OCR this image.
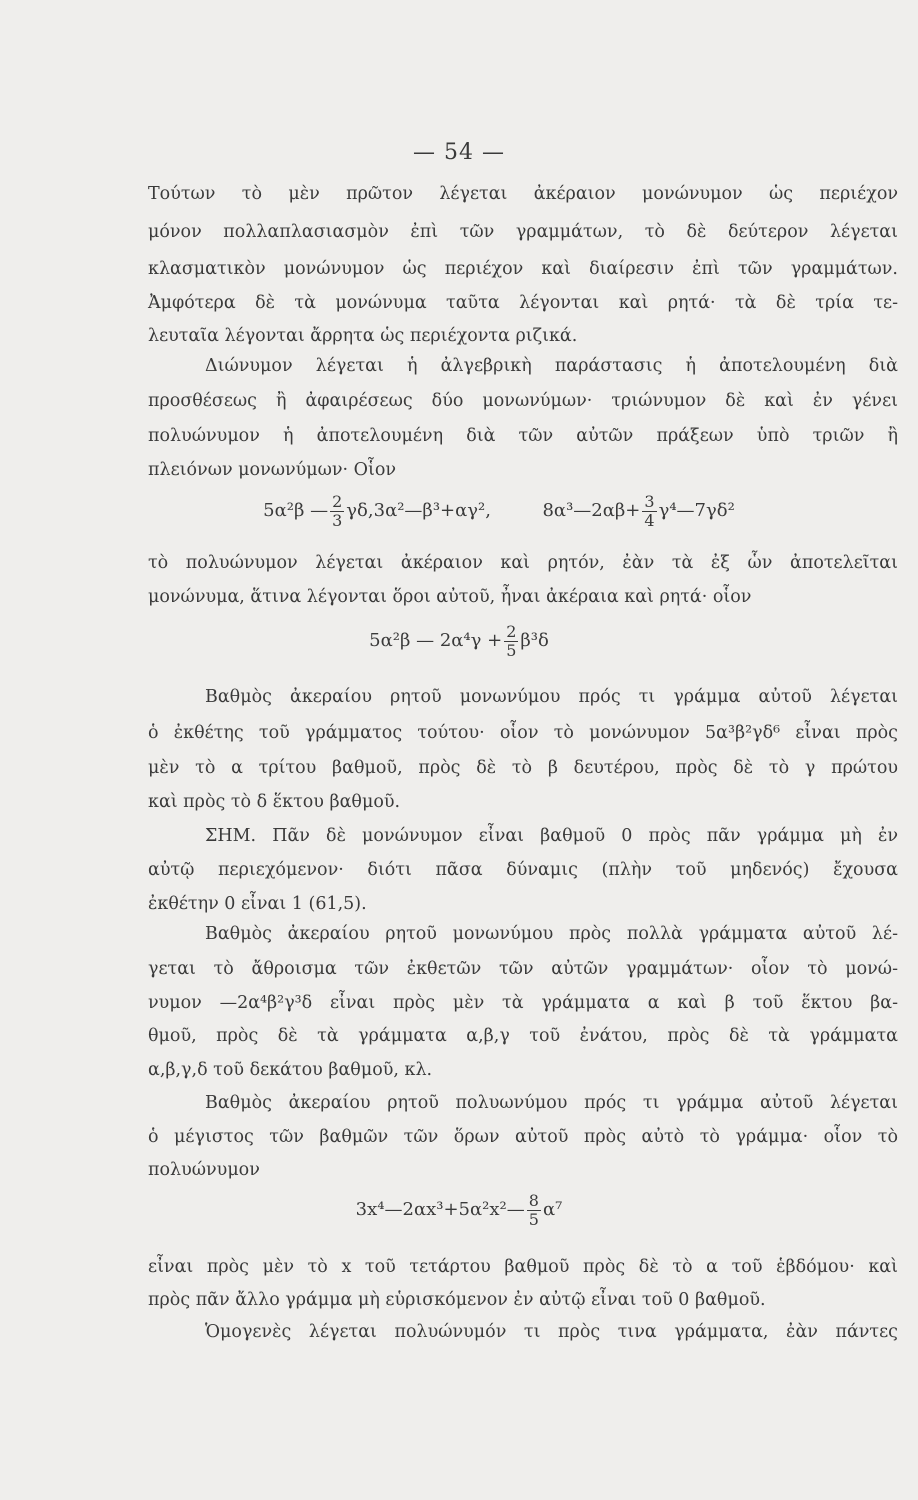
— 54 —
Τούτων τὸ μὲν πρῶτον λέγεται ἀκέραιον μονώνυμον ὡς περιέχον
μόνον πολλαπλασιασμὸν ἐπὶ τῶν γραμμάτων, τὸ δὲ δεύτερον λέγεται
κλασματικὸν μονώνυμον ὡς περιέχον καὶ διαίρεσιν ἐπὶ τῶν γραμμάτων.
Ἀμφότερα δὲ τὰ μονώνυμα ταῦτα λέγονται καὶ ρητά· τὰ δὲ τρία τε-
λευταῖα λέγονται ἄρρητα ὡς περιέχοντα ριζικά.
Διώνυμον λέγεται ἡ ἀλγεβρικὴ παράστασις ἡ ἀποτελουμένη διὰ
προσθέσεως ἢ ἀφαιρέσεως δύο μονωνύμων· τριώνυμον δὲ καὶ ἐν γένει
πολυώνυμον ἡ ἀποτελουμένη διὰ τῶν αὐτῶν πράξεων ὑπὸ τριῶν ἢ
πλειόνων μονωνύμων· Οἷον
5α²β — $\frac{2}{3}$ γδ,3α²—β³+αγ²,	8α³—2αβ+ $\frac{3}{4}$ γ⁴—7γδ²
τὸ πολυώνυμον λέγεται ἀκέραιον καὶ ρητόν, ἐὰν τὰ ἐξ ὧν ἀποτελεῖται
μονώνυμα, ἅτινα λέγονται ὅροι αὐτοῦ, ἦναι ἀκέραια καὶ ρητά· οἷον
5α²β — $2\alpha^4\gamma + \frac{2}{5} \beta^3\delta$
Βαθμὸς ἀκεραίου ρητοῦ μονωνύμου πρός τι γράμμα αὐτοῦ λέγεται
ὁ ἐκθέτης τοῦ γράμματος τούτου· οἷον τὸ μονώνυμον 5α³β²γδ⁶ εἶναι πρὸς
μὲν τὸ α τρίτου βαθμοῦ, πρὸς δὲ τὸ β δευτέρου, πρὸς δὲ τὸ γ πρώτου
καὶ πρὸς τὸ δ ἕκτου βαθμοῦ.
ΣΗΜ. Πᾶν δὲ μονώνυμον εἶναι βαθμοῦ 0 πρὸς πᾶν γράμμα μὴ ἐν
αὐτῷ περιεχόμενον· διότι πᾶσα δύναμις (πλὴν τοῦ μηδενός) ἔχουσα
ἐκθέτην 0 εἶναι 1 (61,5).
Βαθμὸς ἀκεραίου ρητοῦ μονωνύμου πρὸς πολλὰ γράμματα αὐτοῦ λέ-
γεται τὸ ἄθροισμα τῶν ἐκθετῶν τῶν αὐτῶν γραμμάτων· οἷον τὸ μονώ-
νυμον —2α⁴β²γ³δ εἶναι πρὸς μὲν τὰ γράμματα α καὶ β τοῦ ἕκτου βα-
θμοῦ, πρὸς δὲ τὰ γράμματα α,β,γ τοῦ ἐνάτου, πρὸς δὲ τὰ γράμματα
α,β,γ,δ τοῦ δεκάτου βαθμοῦ, κλ.
Βαθμὸς ἀκεραίου ρητοῦ πολυωνύμου πρός τι γράμμα αὐτοῦ λέγεται
ὁ μέγιστος τῶν βαθμῶν τῶν ὅρων αὐτοῦ πρὸς αὐτὸ τὸ γράμμα· οἷον τὸ
πολυώνυμον
3x⁴—2αx³+5α²x²— $\frac{8}{5} \alpha^7$
εἶναι πρὸς μὲν τὸ x τοῦ τετάρτου βαθμοῦ πρὸς δὲ τὸ α τοῦ ἑβδόμου· καὶ
πρὸς πᾶν ἄλλο γράμμα μὴ εὑρισκόμενον ἐν αὐτῷ εἶναι τοῦ 0 βαθμοῦ.
Ὁμογενὲς λέγεται πολυώνυμόν τι πρὸς τινα γράμματα, ἐὰν πάντες
